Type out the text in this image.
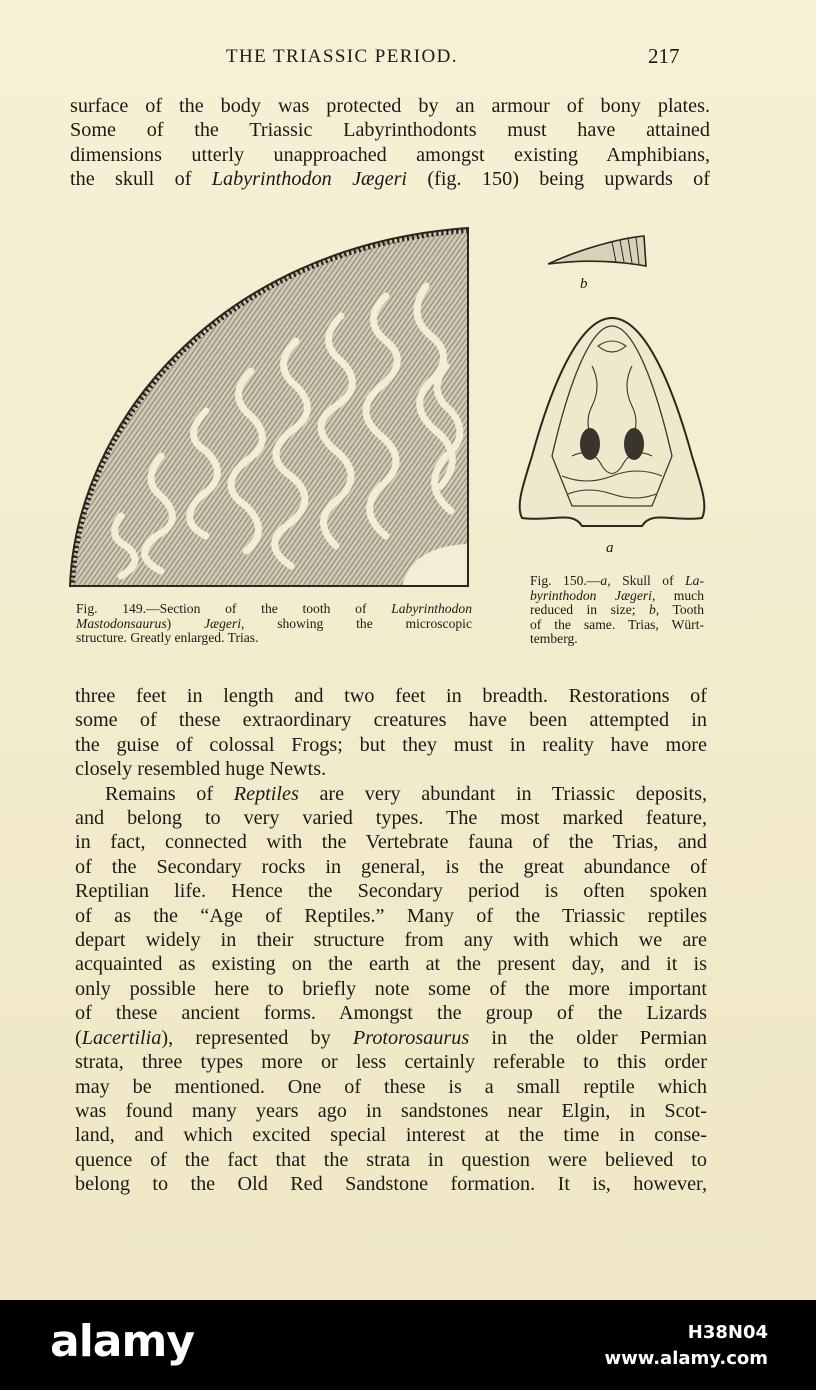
THE TRIASSIC PERIOD.	217
surface of the body was protected by an armour of bony plates.
Some of the Triassic Labyrinthodonts must have attained
dimensions utterly unapproached amongst existing Amphibians,
the skull of Labyrinthodon Jægeri (fig. 150) being upwards of
b
a
Fig. 150.—a, Skull of La-
byrinthodon Jægeri, much
reduced in size; b, Tooth
of the same. Trias, Würt-
temberg.
Fig. 149.—Section of the tooth of Labyrinthodon
Mastodonsaurus) Jægeri, showing the microscopic
structure. Greatly enlarged. Trias.
three feet in length and two feet in breadth. Restorations of
some of these extraordinary creatures have been attempted in
the guise of colossal Frogs; but they must in reality have more
closely resembled huge Newts.
Remains of Reptiles are very abundant in Triassic deposits,
and belong to very varied types. The most marked feature,
in fact, connected with the Vertebrate fauna of the Trias, and
of the Secondary rocks in general, is the great abundance of
Reptilian life. Hence the Secondary period is often spoken
of as the “Age of Reptiles.” Many of the Triassic reptiles
depart widely in their structure from any with which we are
acquainted as existing on the earth at the present day, and it is
only possible here to briefly note some of the more important
of these ancient forms. Amongst the group of the Lizards
(Lacertilia), represented by Protorosaurus in the older Permian
strata, three types more or less certainly referable to this order
may be mentioned. One of these is a small reptile which
was found many years ago in sandstones near Elgin, in Scot-
land, and which excited special interest at the time in conse-
quence of the fact that the strata in question were believed to
belong to the Old Red Sandstone formation. It is, however,
alamy	H38N04
www.alamy.com
